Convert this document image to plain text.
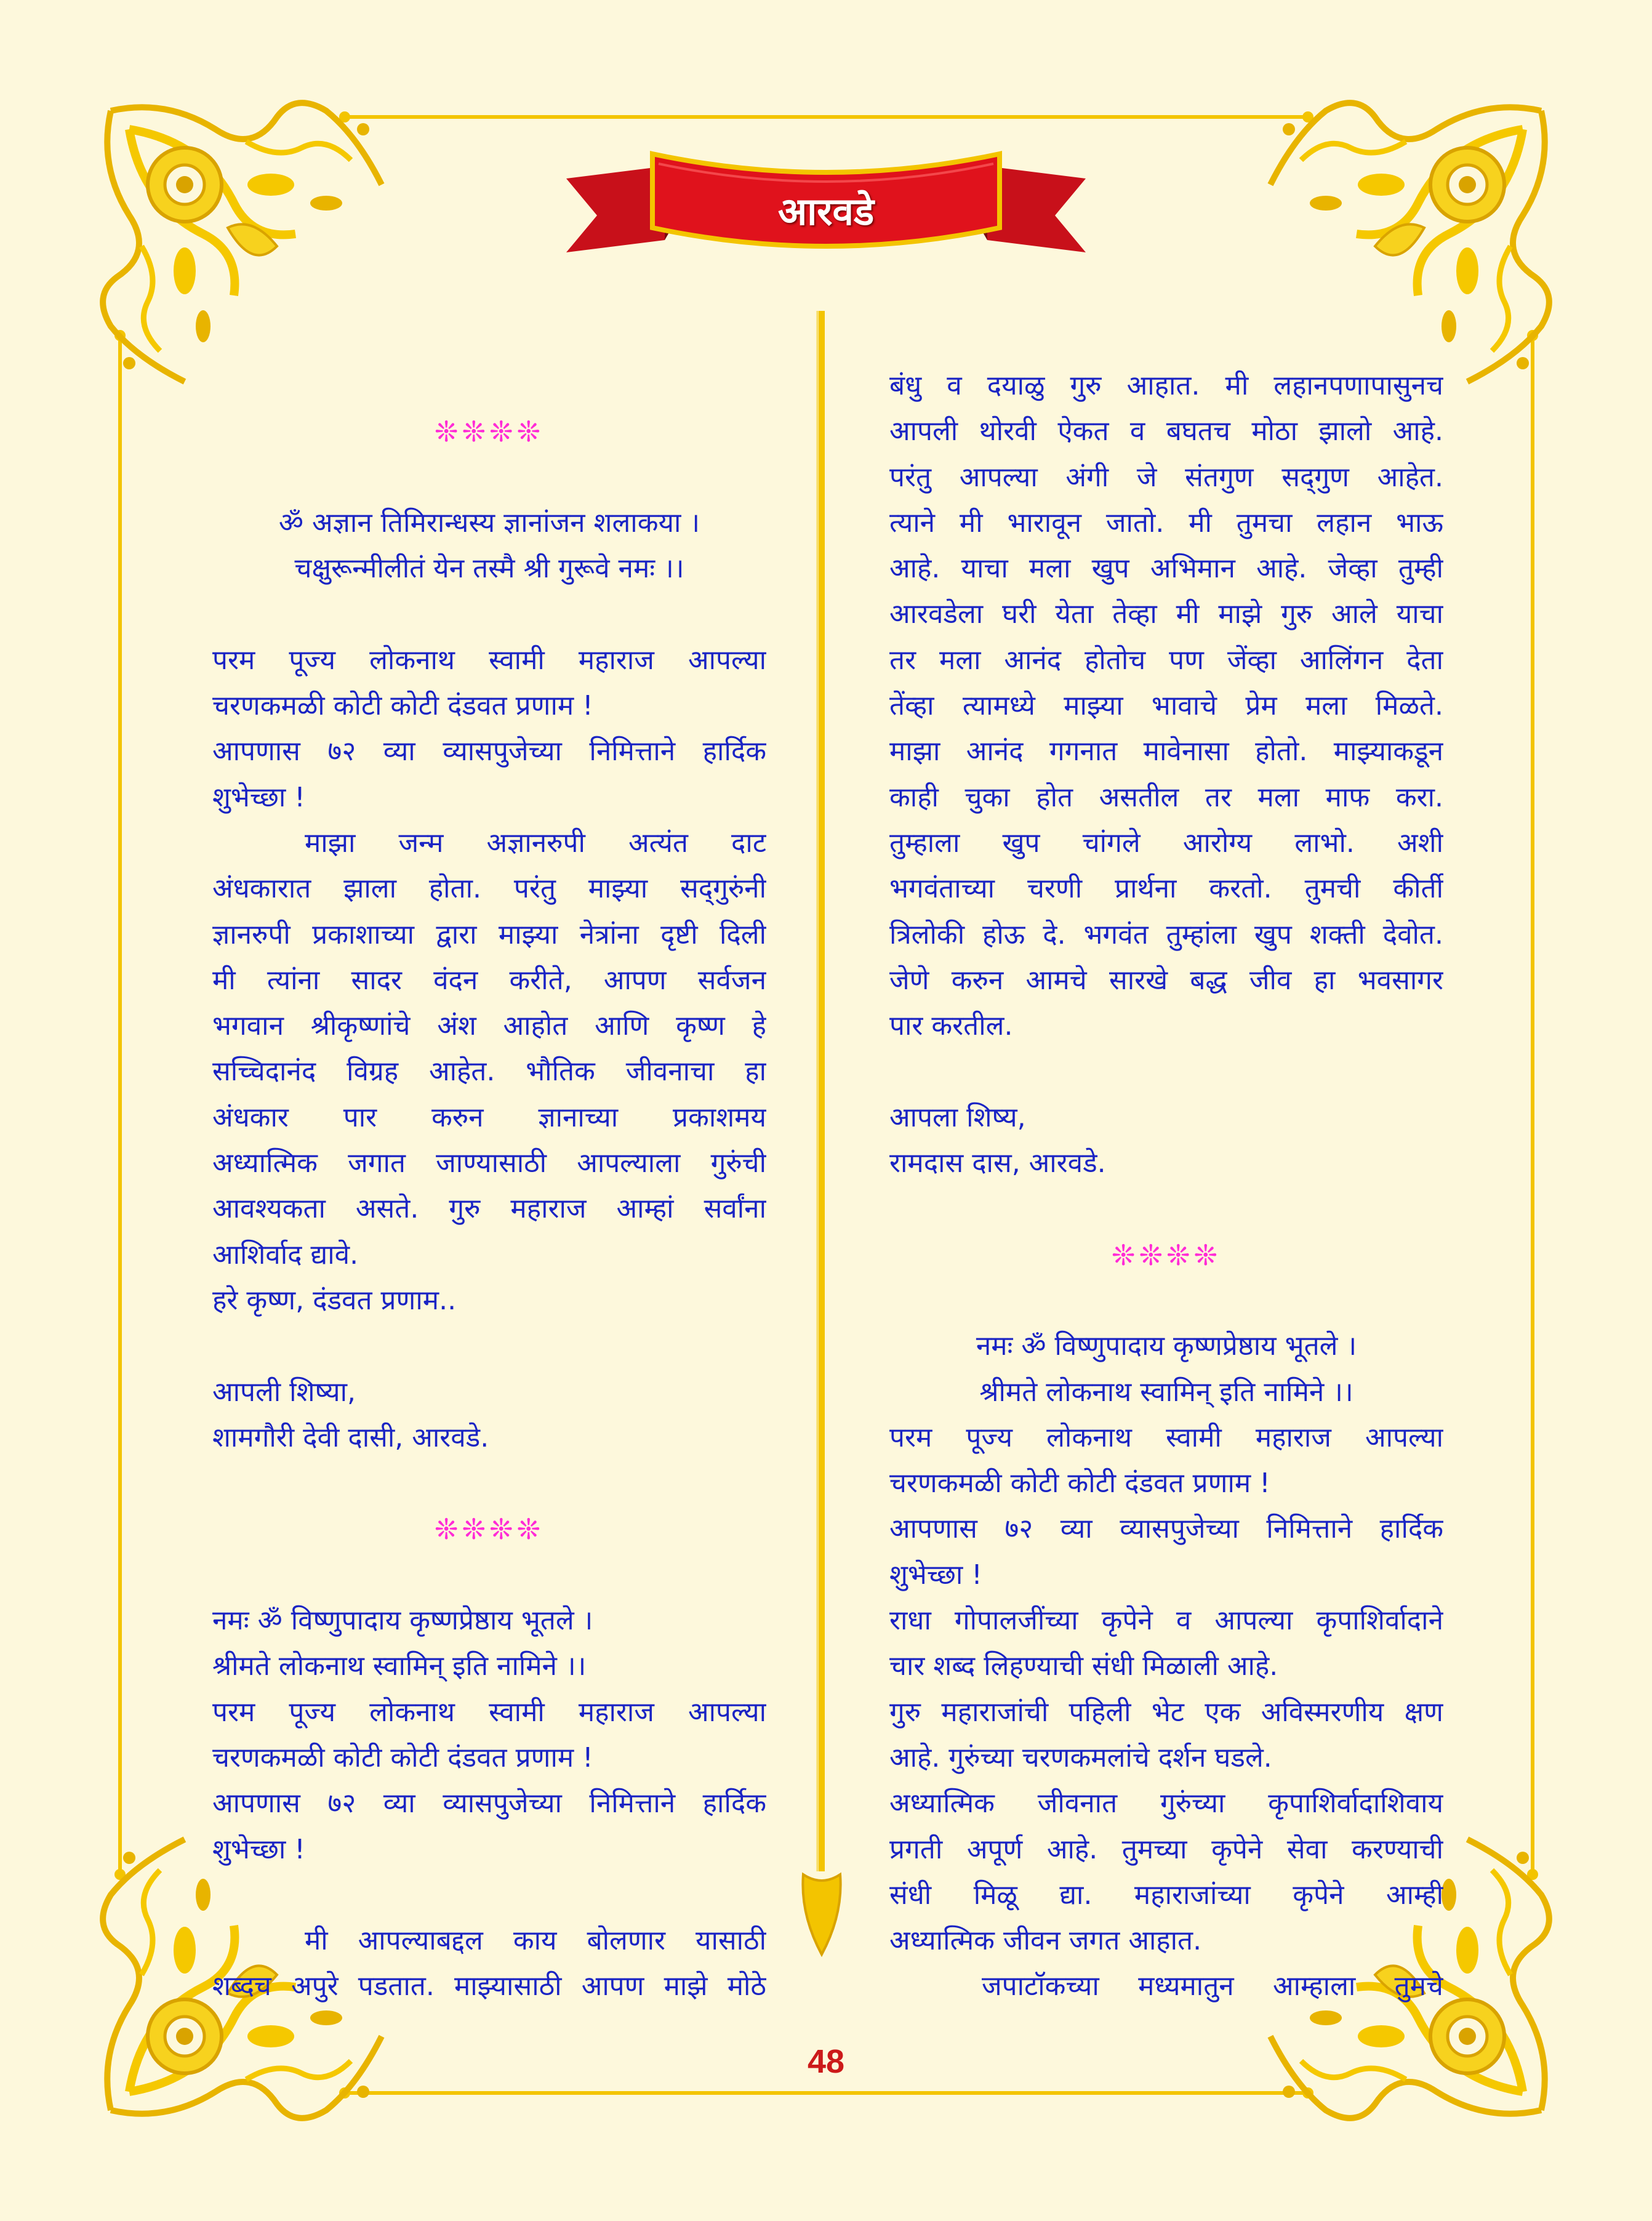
आरवडे
❊❊❊❊
ॐ अज्ञान तिमिरान्धस्य ज्ञानांजन शलाकया ।
चक्षुरून्मीलीतं येन तस्मै श्री गुरूवे नमः ।।
परम पूज्य लोकनाथ स्वामी महाराज आपल्या
चरणकमळी कोटी कोटी दंडवत प्रणाम !
आपणास ७२ व्या व्यासपुजेच्या निमित्ताने हार्दिक
शुभेच्छा !
माझा जन्म अज्ञानरुपी अत्यंत दाट
अंधकारात झाला होता. परंतु माझ्या सद्‌गुरुंनी
ज्ञानरुपी प्रकाशाच्या द्वारा माझ्या नेत्रांना दृष्टी दिली
मी त्यांना सादर वंदन करीते, आपण सर्वजन
भगवान श्रीकृष्णांचे अंश आहोत आणि कृष्ण हे
सच्चिदानंद विग्रह आहेत. भौतिक जीवनाचा हा
अंधकार पार करुन ज्ञानाच्या प्रकाशमय
अध्यात्मिक जगात जाण्यासाठी आपल्याला गुरुंची
आवश्यकता असते. गुरु महाराज आम्हां सर्वांना
आशिर्वाद द्यावे.
हरे कृष्ण, दंडवत प्रणाम..
आपली शिष्या,
शामगौरी देवी दासी, आरवडे.
❊❊❊❊
नमः ॐ विष्णुपादाय कृष्णप्रेष्ठाय भूतले ।
श्रीमते लोकनाथ स्वामिन् इति नामिने ।।
परम पूज्य लोकनाथ स्वामी महाराज आपल्या
चरणकमळी कोटी कोटी दंडवत प्रणाम !
आपणास ७२ व्या व्यासपुजेच्या निमित्ताने हार्दिक
शुभेच्छा !
मी आपल्याबद्दल काय बोलणार यासाठी
शब्दच अपुरे पडतात. माझ्यासाठी आपण माझे मोठे
बंधु व दयाळु गुरु आहात. मी लहानपणापासुनच
आपली थोरवी ऐकत व बघतच मोठा झालो आहे.
परंतु आपल्या अंगी जे संतगुण सद्‌गुण आहेत.
त्याने मी भारावून जातो. मी तुमचा लहान भाऊ
आहे. याचा मला खुप अभिमान आहे. जेव्हा तुम्ही
आरवडेला घरी येता तेव्हा मी माझे गुरु आले याचा
तर मला आनंद होतोच पण जेंव्हा आलिंगन देता
तेंव्हा त्यामध्ये माझ्या भावाचे प्रेम मला मिळते.
माझा आनंद गगनात मावेनासा होतो. माझ्याकडून
काही चुका होत असतील तर मला माफ करा.
तुम्हाला खुप चांगले आरोग्य लाभो. अशी
भगवंताच्या चरणी प्रार्थना करतो. तुमची कीर्ती
त्रिलोकी होऊ दे. भगवंत तुम्हांला खुप शक्ती देवोत.
जेणे करुन आमचे सारखे बद्ध जीव हा भवसागर
पार करतील.
आपला शिष्य,
रामदास दास, आरवडे.
❊❊❊❊
नमः ॐ विष्णुपादाय कृष्णप्रेष्ठाय भूतले ।
श्रीमते लोकनाथ स्वामिन् इति नामिने ।।
परम पूज्य लोकनाथ स्वामी महाराज आपल्या
चरणकमळी कोटी कोटी दंडवत प्रणाम !
आपणास ७२ व्या व्यासपुजेच्या निमित्ताने हार्दिक
शुभेच्छा !
राधा गोपालजींच्या कृपेने व आपल्या कृपाशिर्वादाने
चार शब्द लिहण्याची संधी मिळाली आहे.
गुरु महाराजांची पहिली भेट एक अविस्मरणीय क्षण
आहे. गुरुंच्या चरणकमलांचे दर्शन घडले.
अध्यात्मिक जीवनात गुरुंच्या कृपाशिर्वादाशिवाय
प्रगती अपूर्ण आहे. तुमच्या कृपेने सेवा करण्याची
संधी मिळू द्या. महाराजांच्या कृपेने आम्ही
अध्यात्मिक जीवन जगत आहात.
जपाटॉकच्या मध्यमातुन आम्हाला तुमचे
48
